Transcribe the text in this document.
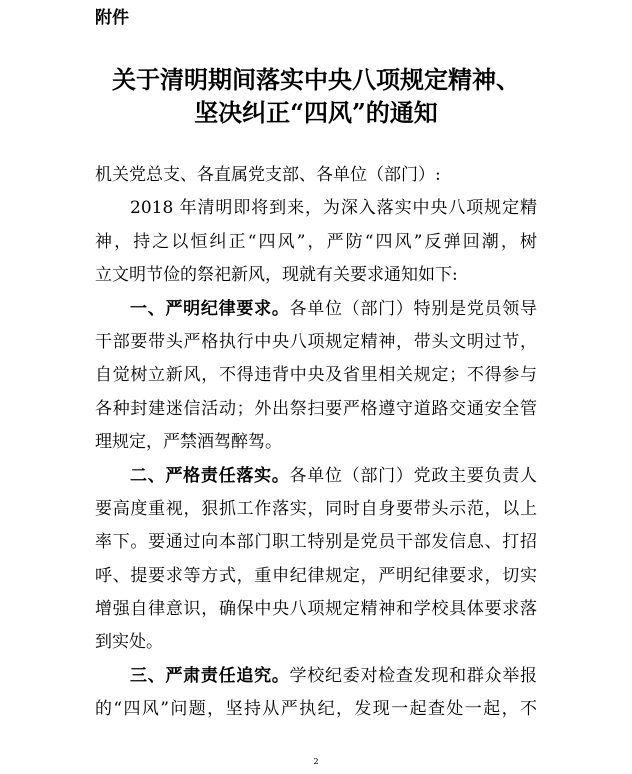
附件
关于清明期间落实中央八项规定精神、
坚决纠正“四风”的通知
机关党总支、各直属党支部、各单位（部门）:
2018 年清明即将到来，为深入落实中央八项规定精
神，持之以恒纠正“四风”，严防“四风”反弹回潮，树
立文明节俭的祭祀新风，现就有关要求通知如下:
一、严明纪律要求。各单位（部门）特别是党员领导
干部要带头严格执行中央八项规定精神，带头文明过节，
自觉树立新风，不得违背中央及省里相关规定；不得参与
各种封建迷信活动；外出祭扫要严格遵守道路交通安全管
理规定，严禁酒驾醉驾。
二、严格责任落实。各单位（部门）党政主要负责人
要高度重视，狠抓工作落实，同时自身要带头示范，以上
率下。要通过向本部门职工特别是党员干部发信息、打招
呼、提要求等方式，重申纪律规定，严明纪律要求，切实
增强自律意识，确保中央八项规定精神和学校具体要求落
到实处。
三、严肃责任追究。学校纪委对检查发现和群众举报
的“四风”问题，坚持从严执纪，发现一起查处一起，不
2
